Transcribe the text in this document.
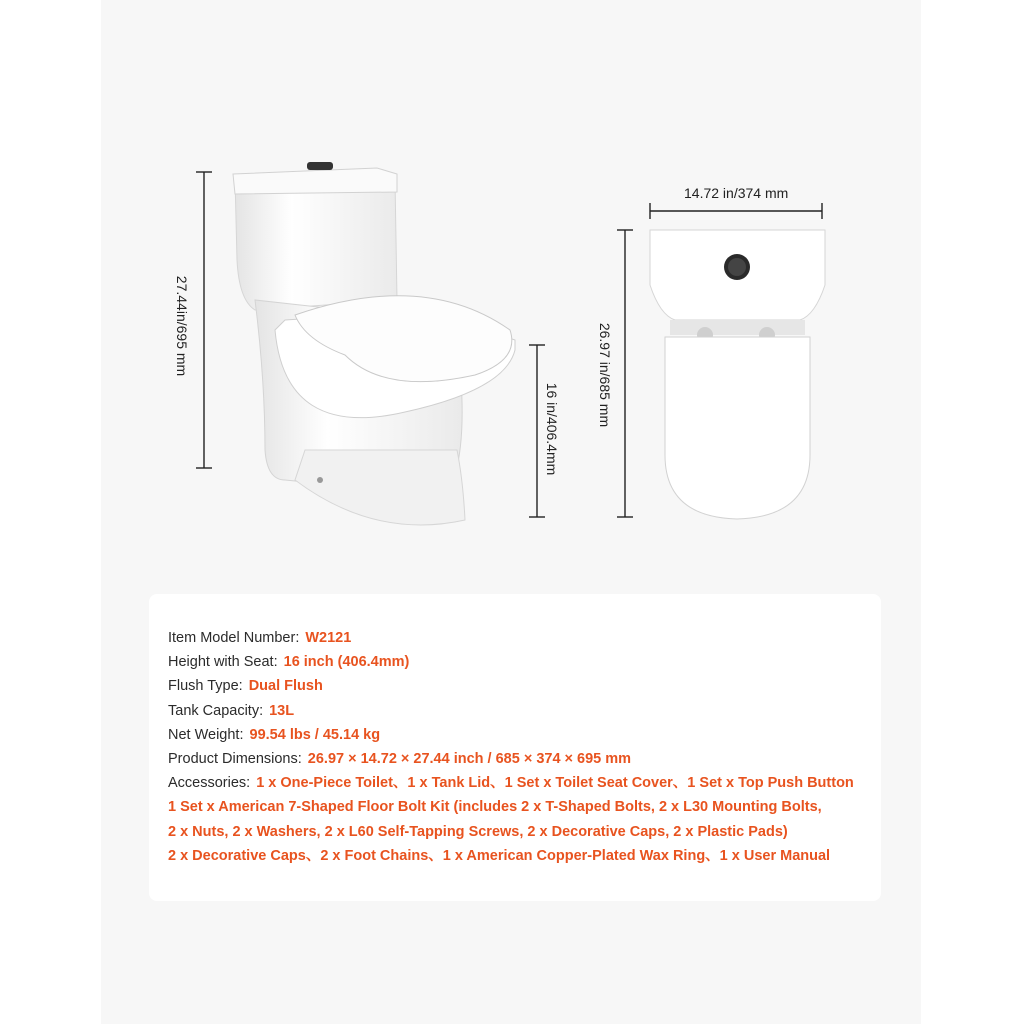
27.44in/695 mm
16 in/406.4mm
14.72 in/374 mm
26.97 in/685 mm
Item Model Number: W2121
Height with Seat: 16 inch (406.4mm)
Flush Type: Dual Flush
Tank Capacity: 13L
Net Weight: 99.54 lbs / 45.14 kg
Product Dimensions: 26.97 × 14.72 × 27.44 inch / 685 × 374 × 695 mm
Accessories: 1 x One-Piece Toilet、1 x Tank Lid、1 Set x Toilet Seat Cover、1 Set x Top Push Button
1 Set x American 7-Shaped Floor Bolt Kit (includes 2 x T-Shaped Bolts, 2 x L30 Mounting Bolts,
2 x Nuts, 2 x Washers, 2 x L60 Self-Tapping Screws, 2 x Decorative Caps, 2 x Plastic Pads)
2 x Decorative Caps、2 x Foot Chains、1 x American Copper-Plated Wax Ring、1 x User Manual
